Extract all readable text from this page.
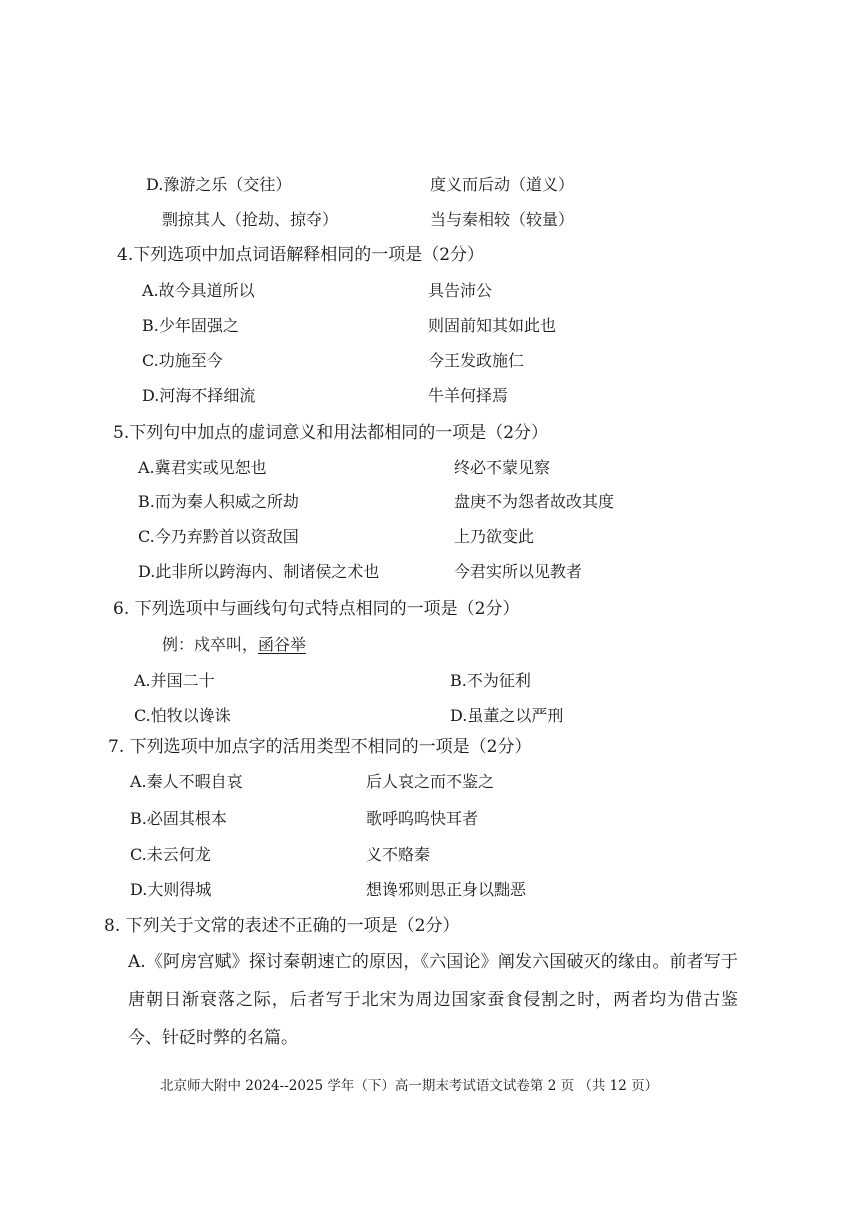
D.豫游之乐（交往）	度义而后动（道义）
剽掠其人（抢劫、掠夺）	当与秦相较（较量）
4.下列选项中加点词语解释相同的一项是（2分）
A.故今具道所以	具告沛公
B.少年固强之	则固前知其如此也
C.功施至今	今王发政施仁
D.河海不择细流	牛羊何择焉
5.下列句中加点的虚词意义和用法都相同的一项是（2分）
A.冀君实或见恕也	终必不蒙见察
B.而为秦人积威之所劫	盘庚不为怨者故改其度
C.今乃弃黔首以资敌国	上乃欲变此
D.此非所以跨海内、制诸侯之术也	今君实所以见教者
6. 下列选项中与画线句句式特点相同的一项是（2分）
例：戍卒叫，函谷举
A.并国二十	B.不为征利
C.怕牧以谗诛	D.虽董之以严刑
7. 下列选项中加点字的活用类型不相同的一项是（2分）
A.秦人不暇自哀	后人哀之而不鉴之
B.必固其根本	歌呼呜呜快耳者
C.未云何龙	义不赂秦
D.大则得城	想谗邪则思正身以黜恶
8. 下列关于文常的表述不正确的一项是（2分）
A.《阿房宫赋》探讨秦朝速亡的原因，《六国论》阐发六国破灭的缘由。前者写于唐朝日渐衰落之际，后者写于北宋为周边国家蚕食侵割之时，两者均为借古鉴今、针砭时弊的名篇。
北京师大附中 2024--2025 学年（下）高一期末考试语文试卷第 2 页 （共 12 页）
